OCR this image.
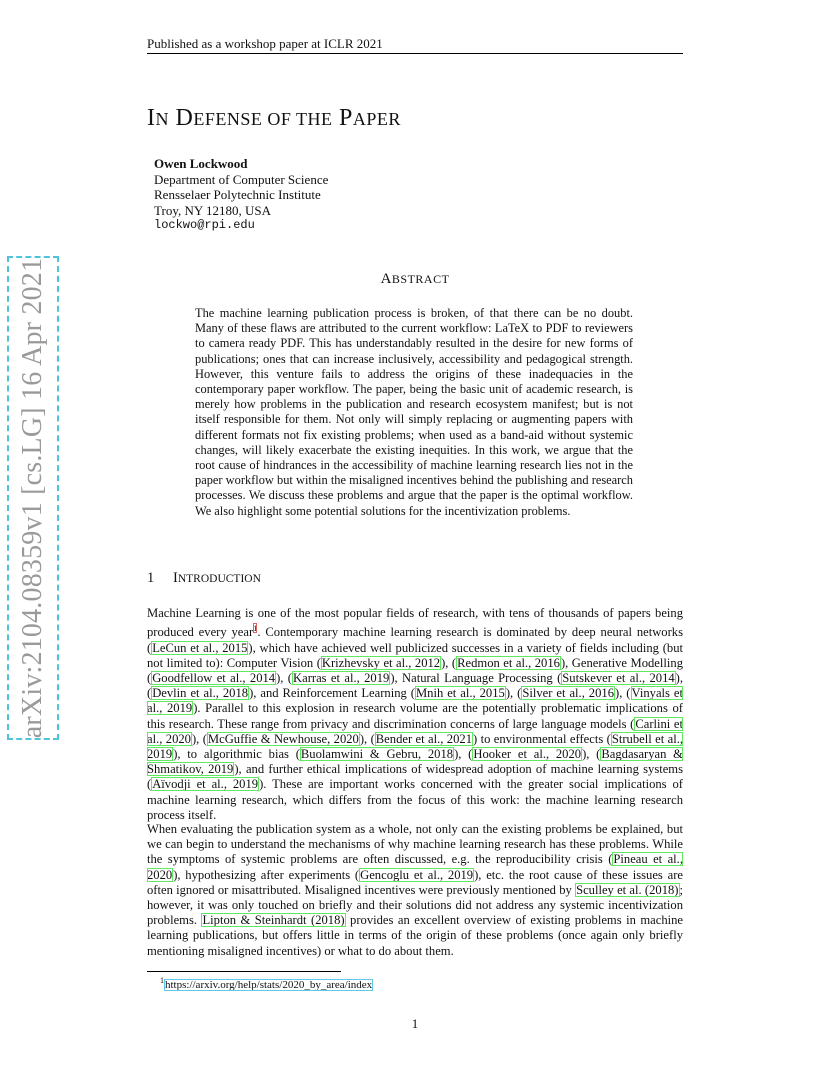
Published as a workshop paper at ICLR 2021
arXiv:2104.08359v1 [cs.LG] 16 Apr 2021
IN DEFENSE OF THE PAPER
Owen Lockwood
Department of Computer Science
Rensselaer Polytechnic Institute
Troy, NY 12180, USA
lockwo@rpi.edu
ABSTRACT
The machine learning publication process is broken, of that there can be no doubt. Many of these flaws are attributed to the current workflow: LaTeX to PDF to reviewers to camera ready PDF. This has understandably resulted in the desire for new forms of publications; ones that can increase inclusively, accessibility and pedagogical strength. However, this venture fails to address the origins of these inadequacies in the contemporary paper workflow. The paper, being the basic unit of academic research, is merely how problems in the publication and research ecosystem manifest; but is not itself responsible for them. Not only will simply replacing or augmenting papers with different formats not fix existing problems; when used as a band-aid without systemic changes, will likely exacerbate the existing inequities. In this work, we argue that the root cause of hindrances in the accessibility of machine learning research lies not in the paper workflow but within the misaligned incentives behind the publishing and research processes. We discuss these problems and argue that the paper is the optimal workflow. We also highlight some potential solutions for the incentivization problems.
1 INTRODUCTION

Machine Learning is one of the most popular fields of research, with tens of thousands of papers being produced every year$^1$. Contemporary machine learning research is dominated by deep neural networks (LeCun et al., 2015), which have achieved well publicized successes in a variety of fields including (but not limited to): Computer Vision (Krizhevsky et al., 2012), (Redmon et al., 2016), Generative Modelling (Goodfellow et al., 2014), (Karras et al., 2019), Natural Language Processing (Sutskever et al., 2014), (Devlin et al., 2018), and Reinforcement Learning (Mnih et al., 2015), (Silver et al., 2016), (Vinyals et al., 2019). Parallel to this explosion in research volume are the potentially problematic implications of this research. These range from privacy and discrimination concerns of large language models (Carlini et al., 2020), (McGuffie & Newhouse, 2020), (Bender et al., 2021) to environmental effects (Strubell et al., 2019), to algorithmic bias (Buolamwini & Gebru, 2018), (Hooker et al., 2020), (Bagdasaryan & Shmatikov, 2019), and further ethical implications of widespread adoption of machine learning systems (Aïvodji et al., 2019). These are important works concerned with the greater social implications of machine learning research, which differs from the focus of this work: the machine learning research process itself.

When evaluating the publication system as a whole, not only can the existing problems be explained, but we can begin to understand the mechanisms of why machine learning research has these problems. While the symptoms of systemic problems are often discussed, e.g. the reproducibility crisis (Pineau et al., 2020), hypothesizing after experiments (Gencoglu et al., 2019), etc. the root cause of these issues are often ignored or misattributed. Misaligned incentives were previously mentioned by Sculley et al. (2018); however, it was only touched on briefly and their solutions did not address any systemic incentivization problems. Lipton & Steinhardt (2018) provides an excellent overview of existing problems in machine learning publications, but offers little in terms of the origin of these problems (once again only briefly mentioning misaligned incentives) or what to do about them.

$^1$https://arxiv.org/help/stats/2020_by_area/index
1
